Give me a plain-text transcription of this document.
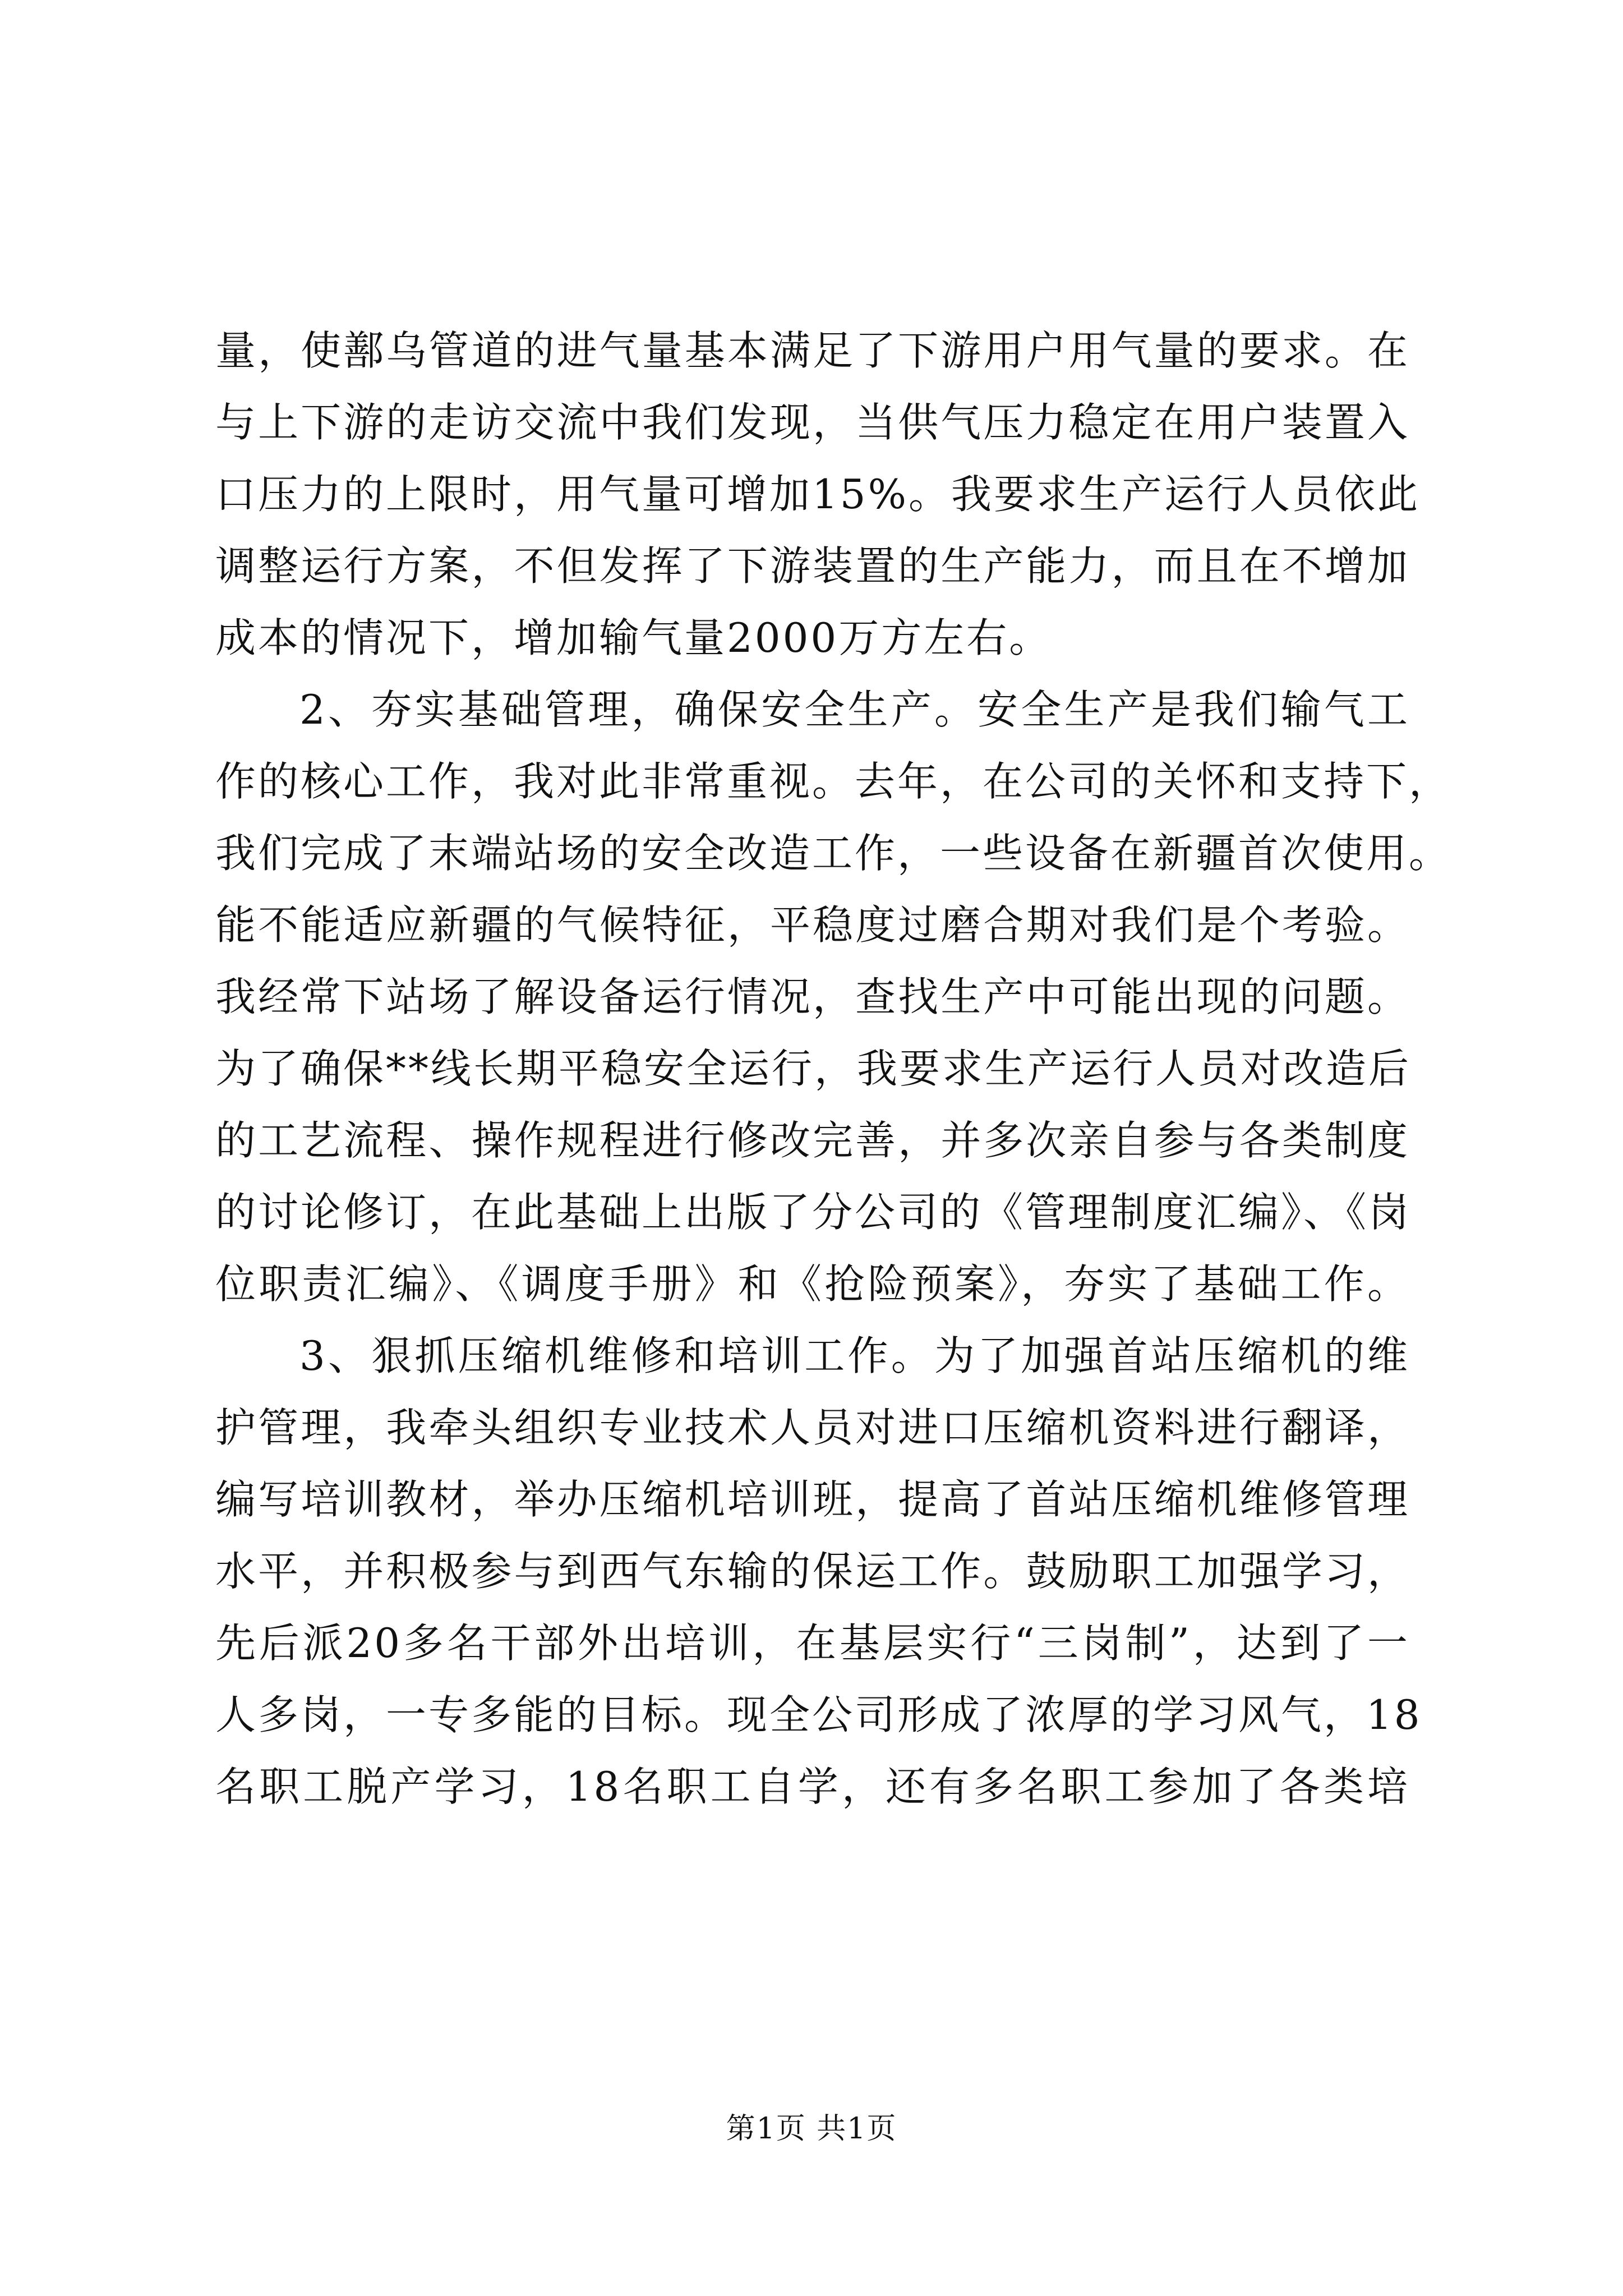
量，使鄯乌管道的进气量基本满足了下游用户用气量的要求。在
与上下游的走访交流中我们发现，当供气压力稳定在用户装置入
口压力的上限时，用气量可增加15%。我要求生产运行人员依此
调整运行方案，不但发挥了下游装置的生产能力，而且在不增加
成本的情况下，增加输气量2000万方左右。
2、夯实基础管理，确保安全生产。安全生产是我们输气工
作的核心工作，我对此非常重视。去年，在公司的关怀和支持下，
我们完成了末端站场的安全改造工作，一些设备在新疆首次使用。
能不能适应新疆的气候特征，平稳度过磨合期对我们是个考验。
我经常下站场了解设备运行情况，查找生产中可能出现的问题。
为了确保**线长期平稳安全运行，我要求生产运行人员对改造后
的工艺流程、操作规程进行修改完善，并多次亲自参与各类制度
的讨论修订，在此基础上出版了分公司的《管理制度汇编》、《岗
位职责汇编》、《调度手册》和《抢险预案》，夯实了基础工作。
3、狠抓压缩机维修和培训工作。为了加强首站压缩机的维
护管理，我牵头组织专业技术人员对进口压缩机资料进行翻译，
编写培训教材，举办压缩机培训班，提高了首站压缩机维修管理
水平，并积极参与到西气东输的保运工作。鼓励职工加强学习，
先后派20多名干部外出培训，在基层实行“三岗制”，达到了一
人多岗，一专多能的目标。现全公司形成了浓厚的学习风气，18
名职工脱产学习，18名职工自学，还有多名职工参加了各类培
第1页 共1页
